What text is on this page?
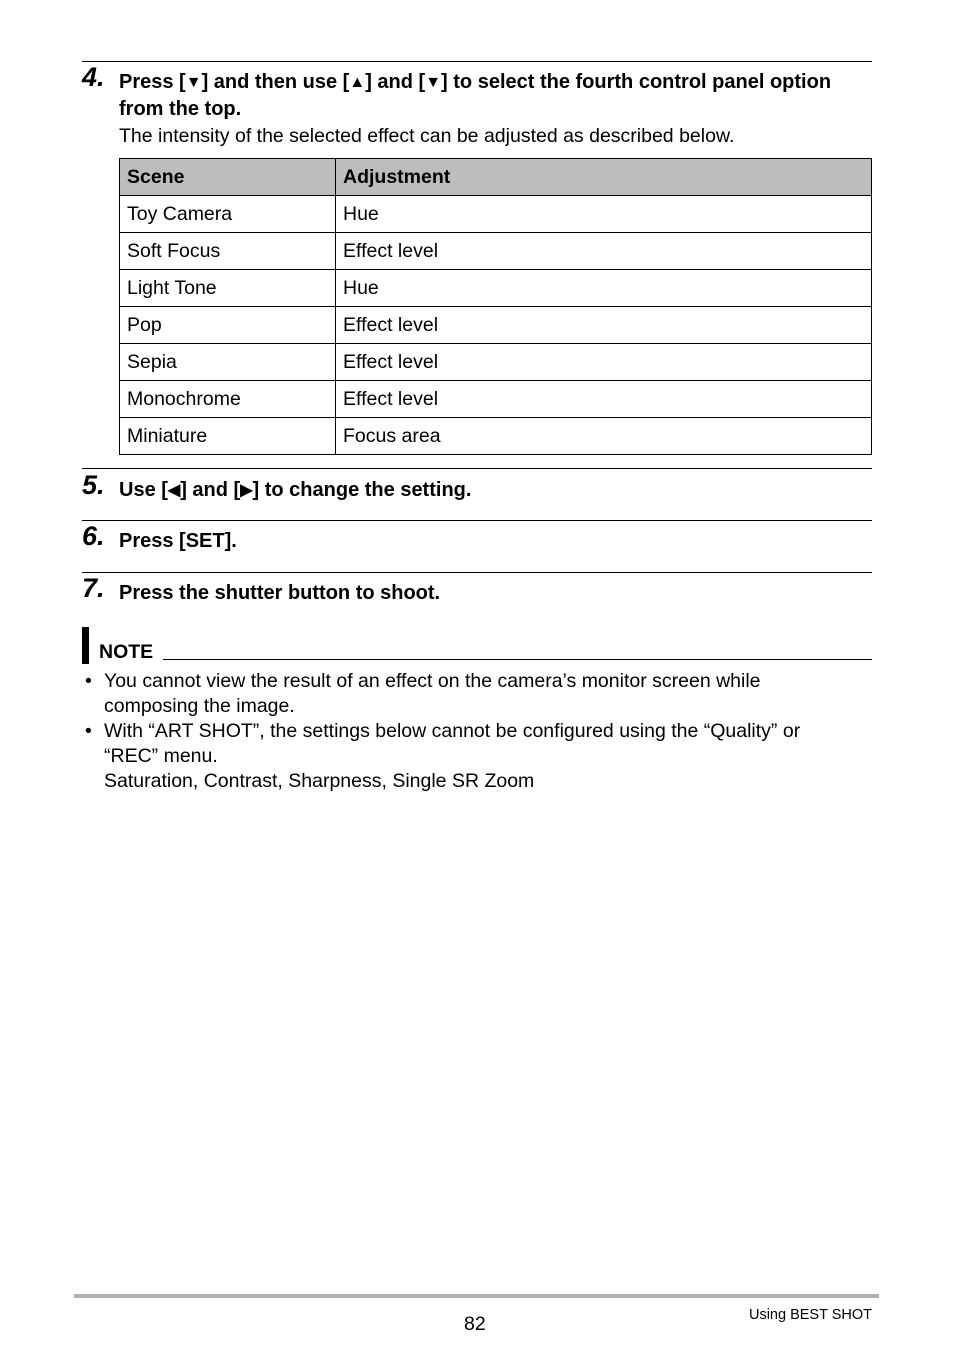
4. Press [▼] and then use [▲] and [▼] to select the fourth control panel option from the top.
The intensity of the selected effect can be adjusted as described below.
Scene	Adjustment
Toy Camera	Hue
Soft Focus	Effect level
Light Tone	Hue
Pop	Effect level
Sepia	Effect level
Monochrome	Effect level
Miniature	Focus area
5. Use [◀] and [▶] to change the setting.
6. Press [SET].
7. Press the shutter button to shoot.
NOTE
• You cannot view the result of an effect on the camera’s monitor screen while
composing the image.
• With “ART SHOT”, the settings below cannot be configured using the “Quality” or
“REC” menu.
Saturation, Contrast, Sharpness, Single SR Zoom
82	Using BEST SHOT
